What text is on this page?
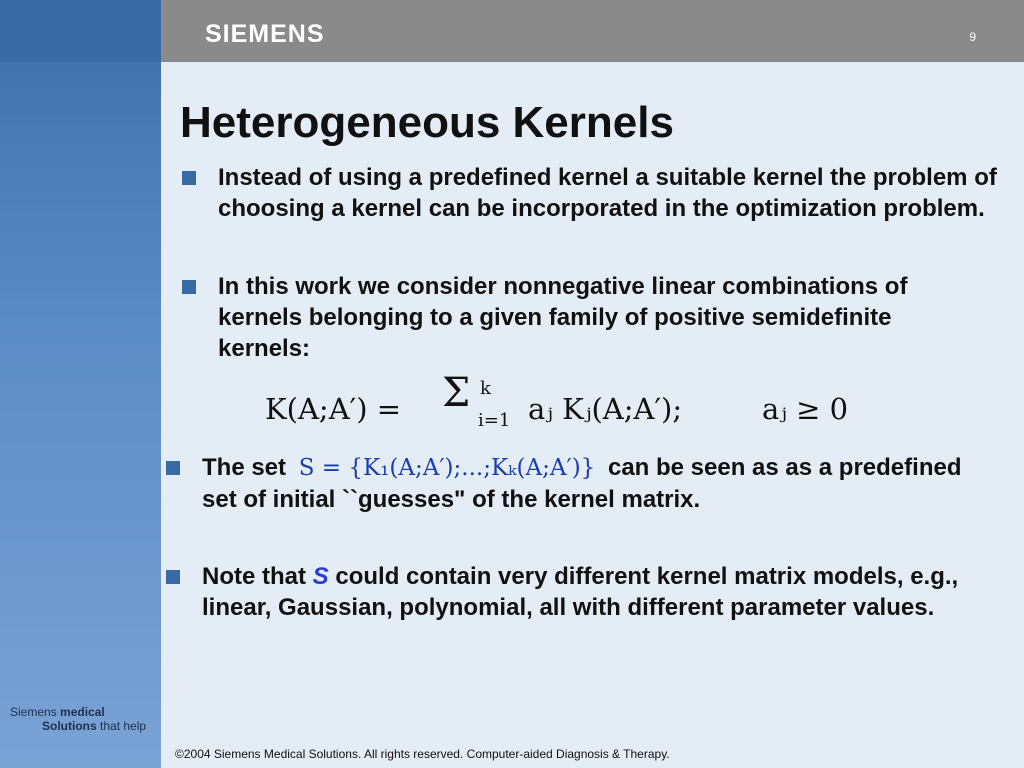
SIEMENS	9
Heterogeneous Kernels
Instead of using a predefined kernel a suitable kernel the problem of choosing a kernel can be incorporated in the optimization problem.
In this work we consider nonnegative linear combinations of kernels belonging to a given family of positive semidefinite kernels:
K(A;A′) = Σ k
i=1 aⱼ Kⱼ(A;A′);	aⱼ ≥ 0
The set S = {K₁(A;A′);...;Kₖ(A;A′)} can be seen as as a predefined set of initial ``guesses" of the kernel matrix.
Note that S could contain very different kernel matrix models, e.g., linear, Gaussian, polynomial, all with different parameter values.
Siemens medical
Solutions that help
©2004 Siemens Medical Solutions. All rights reserved. Computer-aided Diagnosis & Therapy.
